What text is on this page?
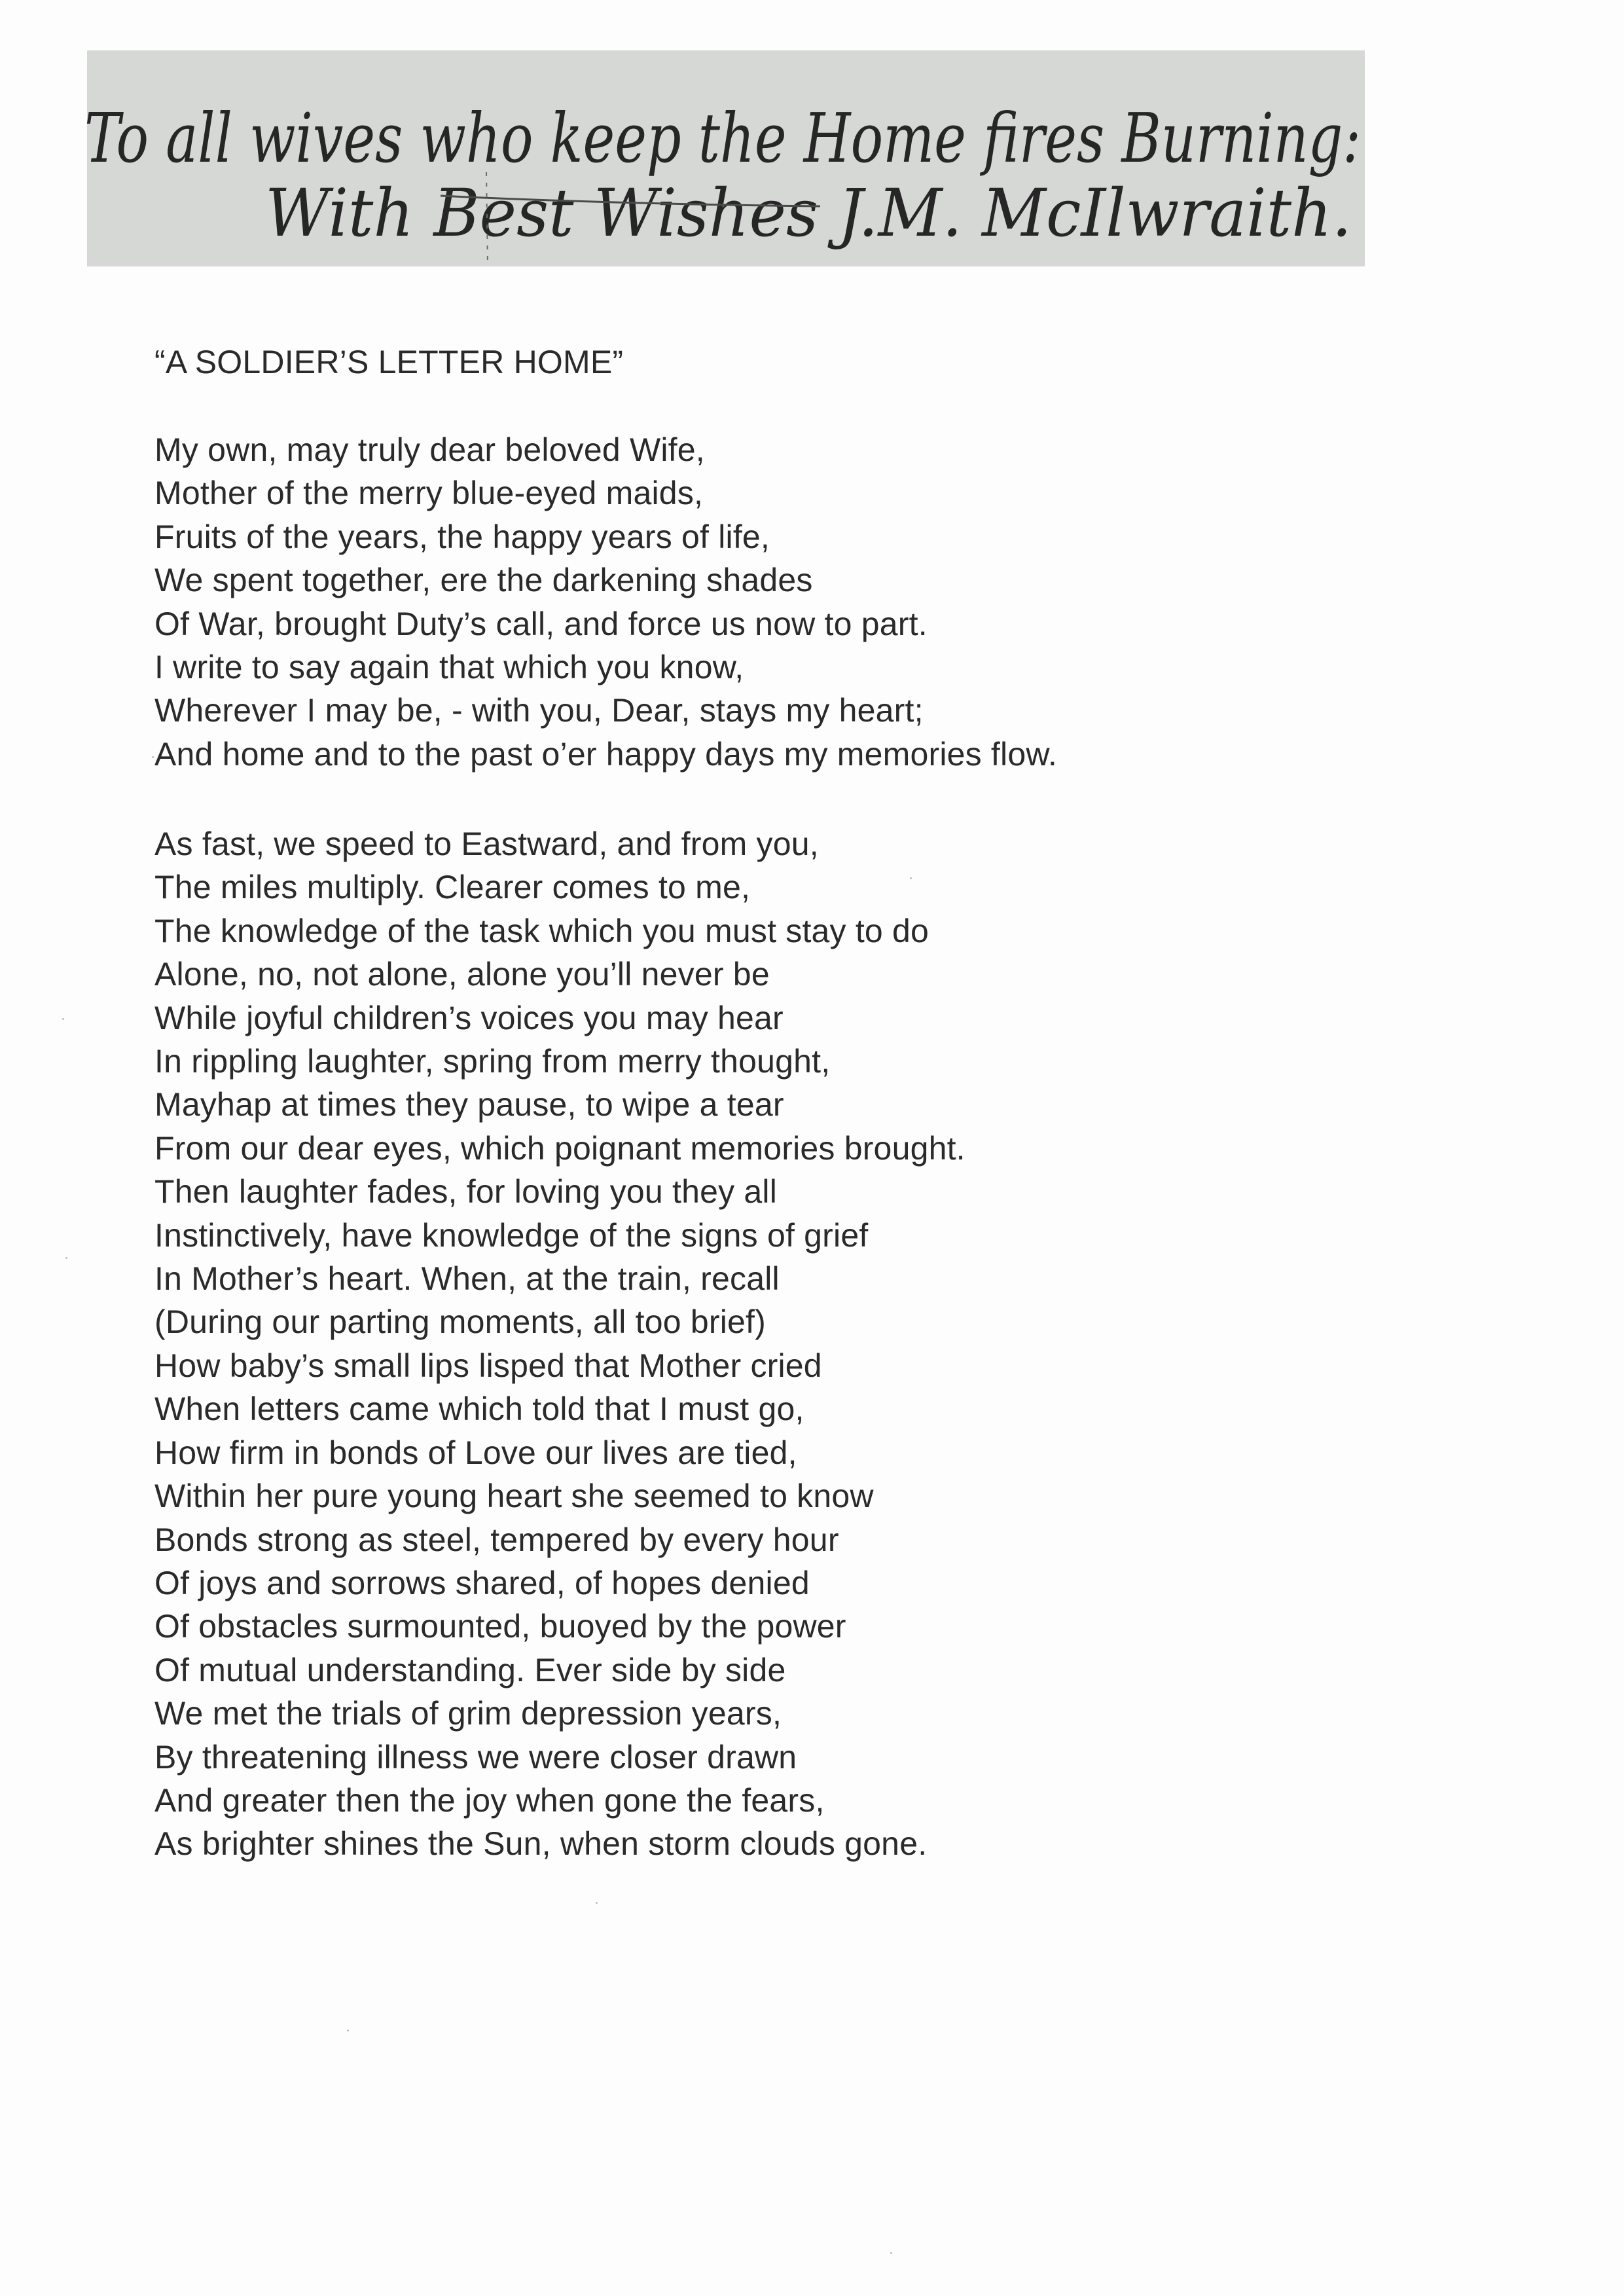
To all wives who keep the Home fires Burning:
With Best Wishes J.M. McIlwraith.
“A SOLDIER’S LETTER HOME”
My own, may truly dear beloved Wife,
Mother of the merry blue-eyed maids,
Fruits of the years, the happy years of life,
We spent together, ere the darkening shades
Of War, brought Duty’s call, and force us now to part.
I write to say again that which you know,
Wherever I may be, - with you, Dear, stays my heart;
And home and to the past o’er happy days my memories flow.
As fast, we speed to Eastward, and from you,
The miles multiply. Clearer comes to me,
The knowledge of the task which you must stay to do
Alone, no, not alone, alone you’ll never be
While joyful children’s voices you may hear
In rippling laughter, spring from merry thought,
Mayhap at times they pause, to wipe a tear
From our dear eyes, which poignant memories brought.
Then laughter fades, for loving you they all
Instinctively, have knowledge of the signs of grief
In Mother’s heart. When, at the train, recall
(During our parting moments, all too brief)
How baby’s small lips lisped that Mother cried
When letters came which told that I must go,
How firm in bonds of Love our lives are tied,
Within her pure young heart she seemed to know
Bonds strong as steel, tempered by every hour
Of joys and sorrows shared, of hopes denied
Of obstacles surmounted, buoyed by the power
Of mutual understanding. Ever side by side
We met the trials of grim depression years,
By threatening illness we were closer drawn
And greater then the joy when gone the fears,
As brighter shines the Sun, when storm clouds gone.
